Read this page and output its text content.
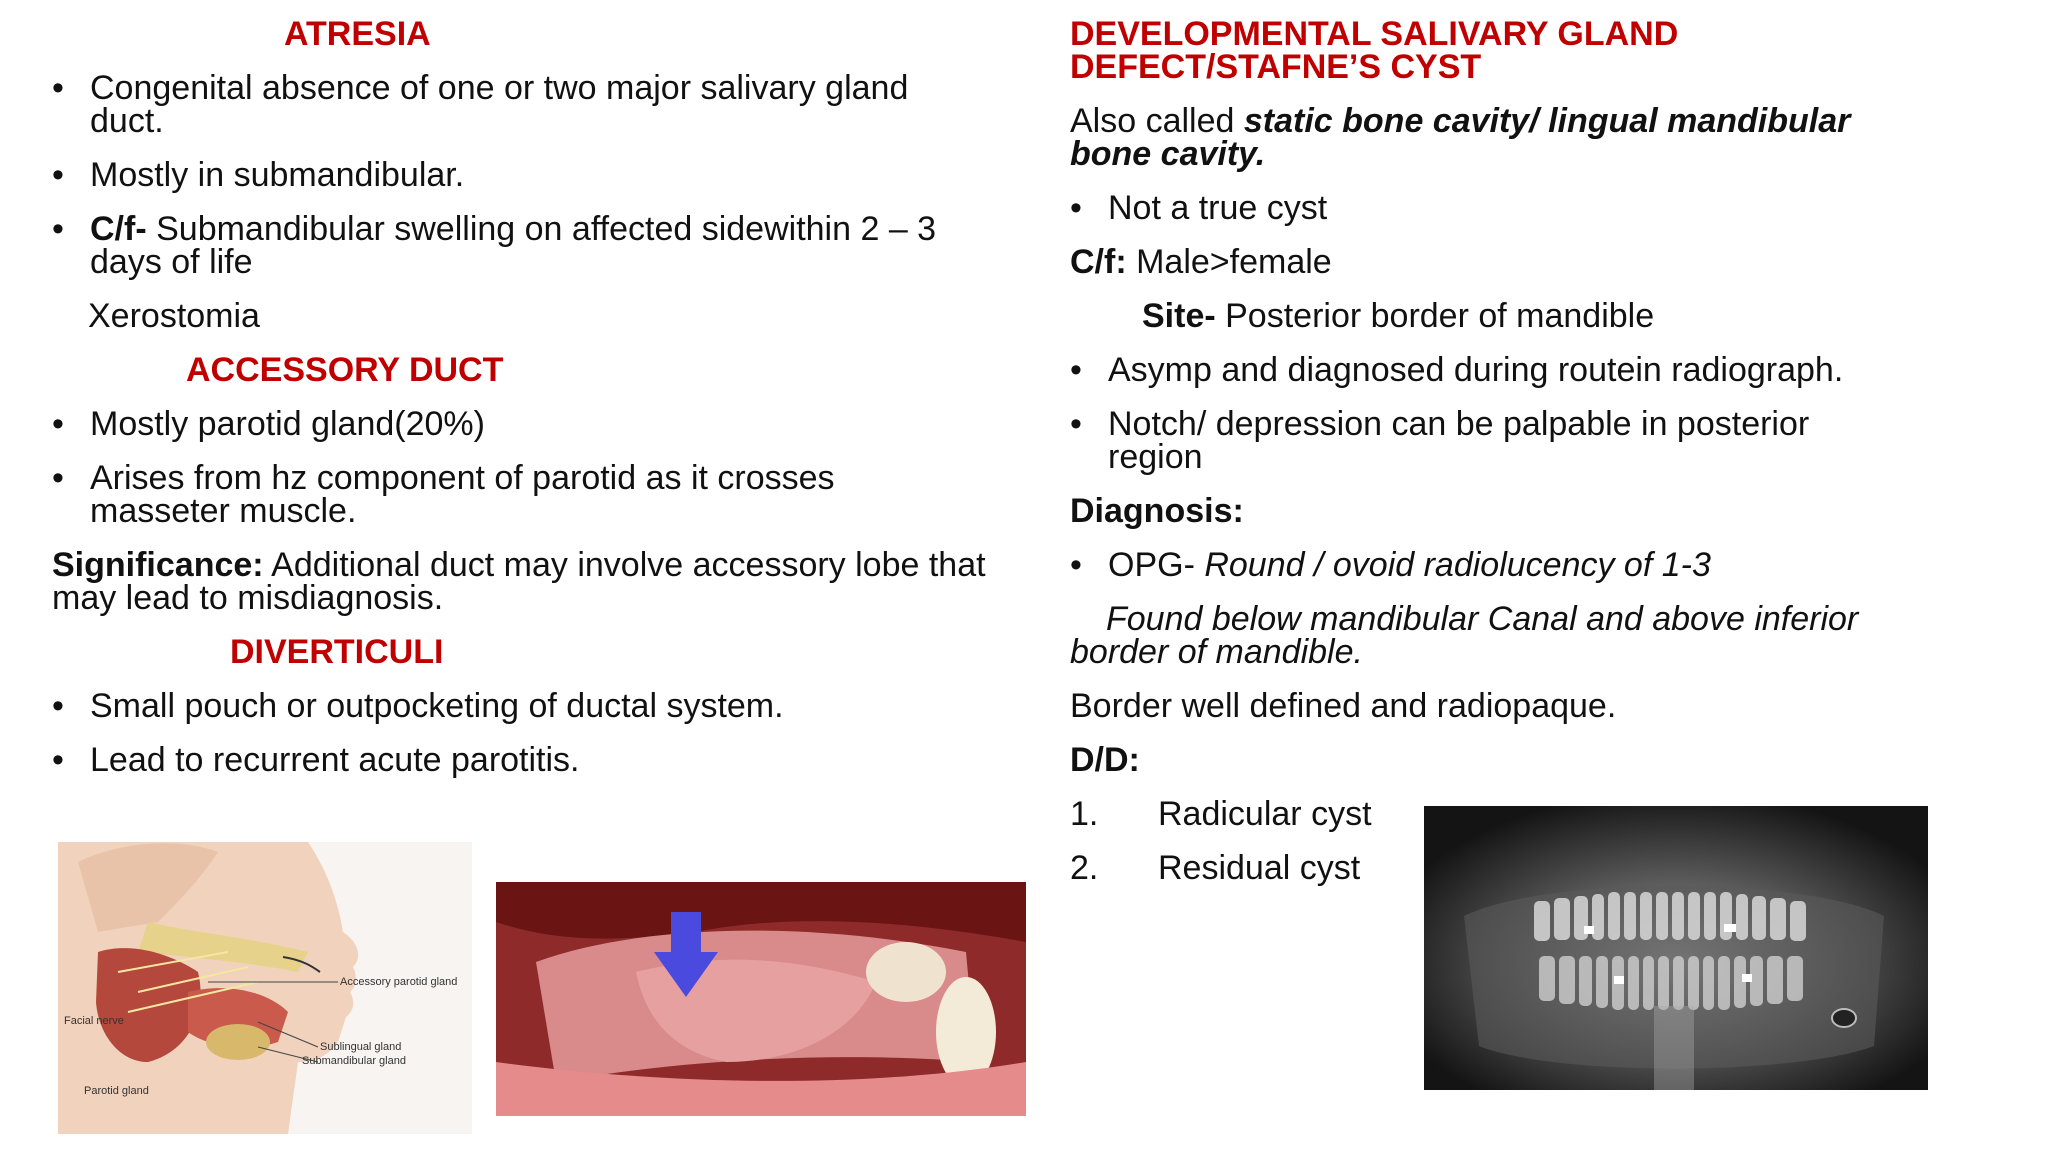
ATRESIA
• Congenital absence of one or two major salivary gland
duct.
• Mostly in submandibular.
• C/f- Submandibular swelling on affected sidewithin 2 – 3
days of life
Xerostomia
ACCESSORY DUCT
• Mostly parotid gland(20%)
• Arises from hz component of parotid as it crosses
masseter muscle.
Significance: Additional duct may involve accessory lobe that
may lead to misdiagnosis.
DIVERTICULI
• Small pouch or outpocketing of ductal system.
• Lead to recurrent acute parotitis.
Accessory parotid gland
Facial nerve
Sublingual gland
Submandibular gland
Parotid gland
DEVELOPMENTAL SALIVARY GLAND
DEFECT/STAFNE’S CYST
Also called static bone cavity/ lingual mandibular
bone cavity.
• Not a true cyst
C/f: Male>female
Site- Posterior border of mandible
• Asymp and diagnosed during routein radiograph.
• Notch/ depression can be palpable in posterior
region
Diagnosis:
• OPG- Round / ovoid radiolucency of 1-3
Found below mandibular Canal and above inferior
border of mandible.
Border well defined and radiopaque.
D/D:
1. Radicular cyst
2. Residual cyst
